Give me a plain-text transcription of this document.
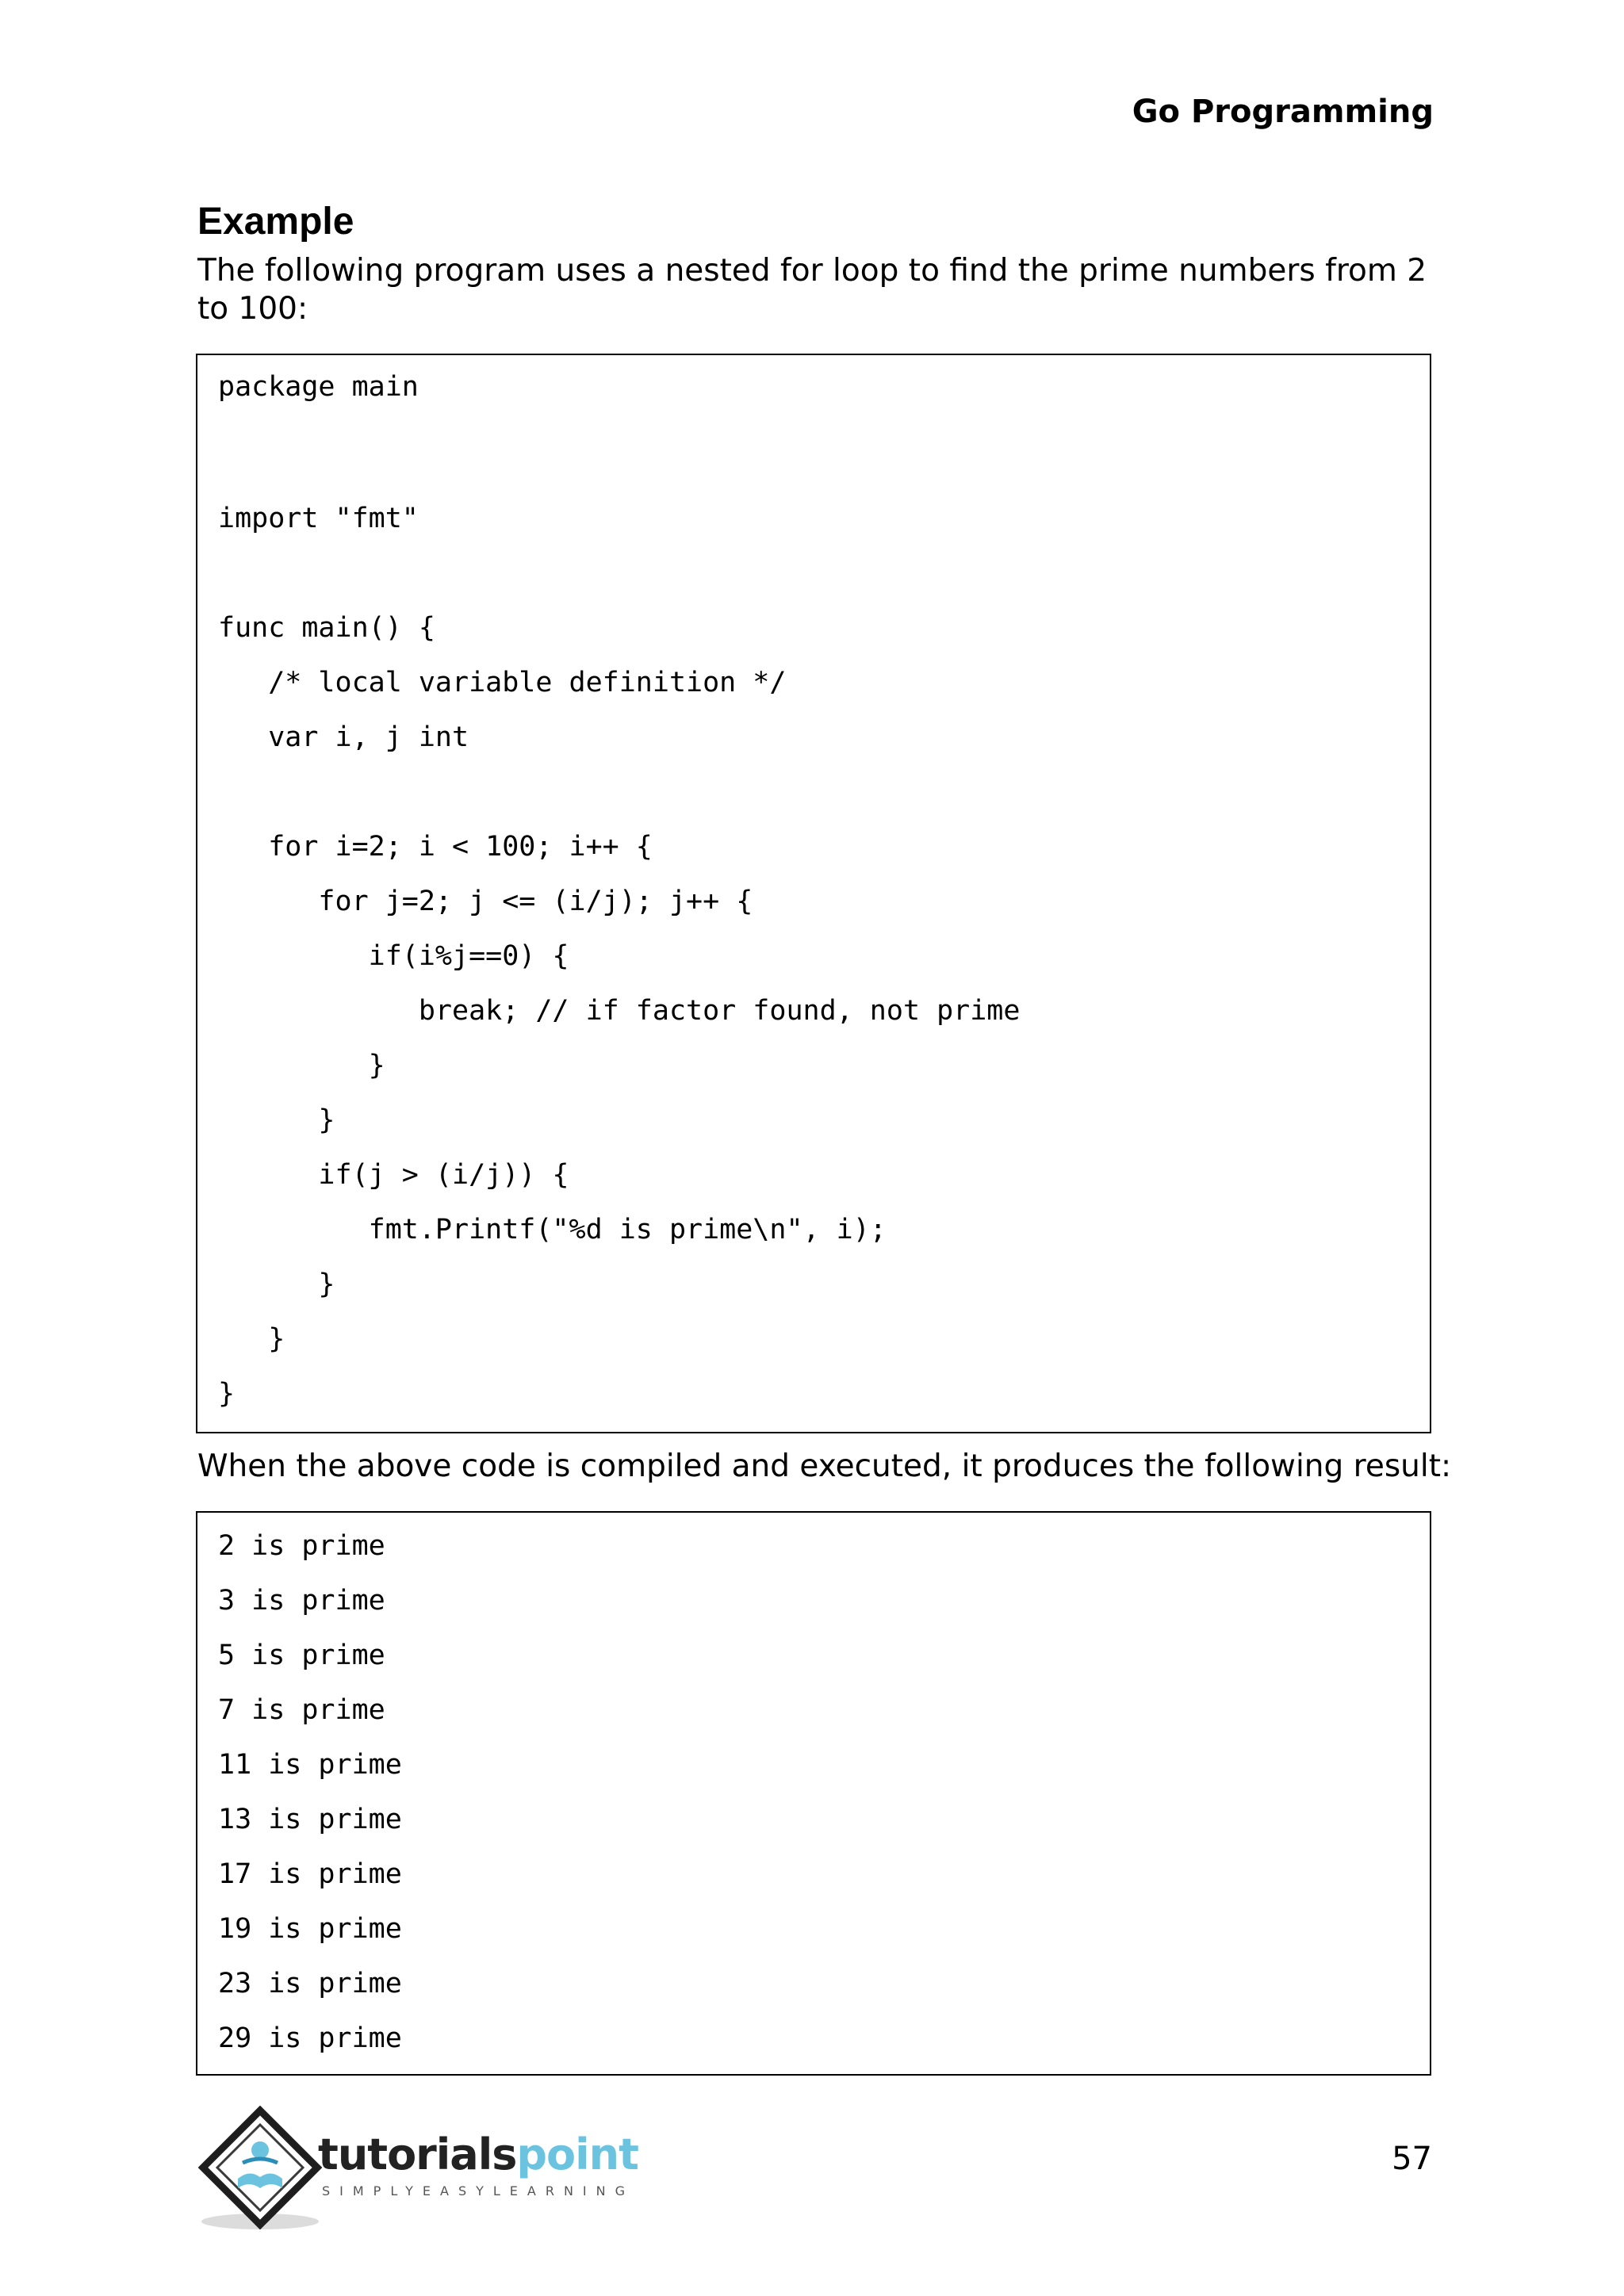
Go Programming
Example
The following program uses a nested for loop to find the prime numbers from 2 to 100:
package main
import "fmt"
func main() {
/* local variable definition */
var i, j int
for i=2; i < 100; i++ {
for j=2; j <= (i/j); j++ {
if(i%j==0) {
break; // if factor found, not prime
}
}
if(j > (i/j)) {
fmt.Printf("%d is prime\n", i);
}
}
}
When the above code is compiled and executed, it produces the following result:
2 is prime
3 is prime
5 is prime
7 is prime
11 is prime
13 is prime
17 is prime
19 is prime
23 is prime
29 is prime
tutorialspoint
SIMPLYEASYLEARNING
57
